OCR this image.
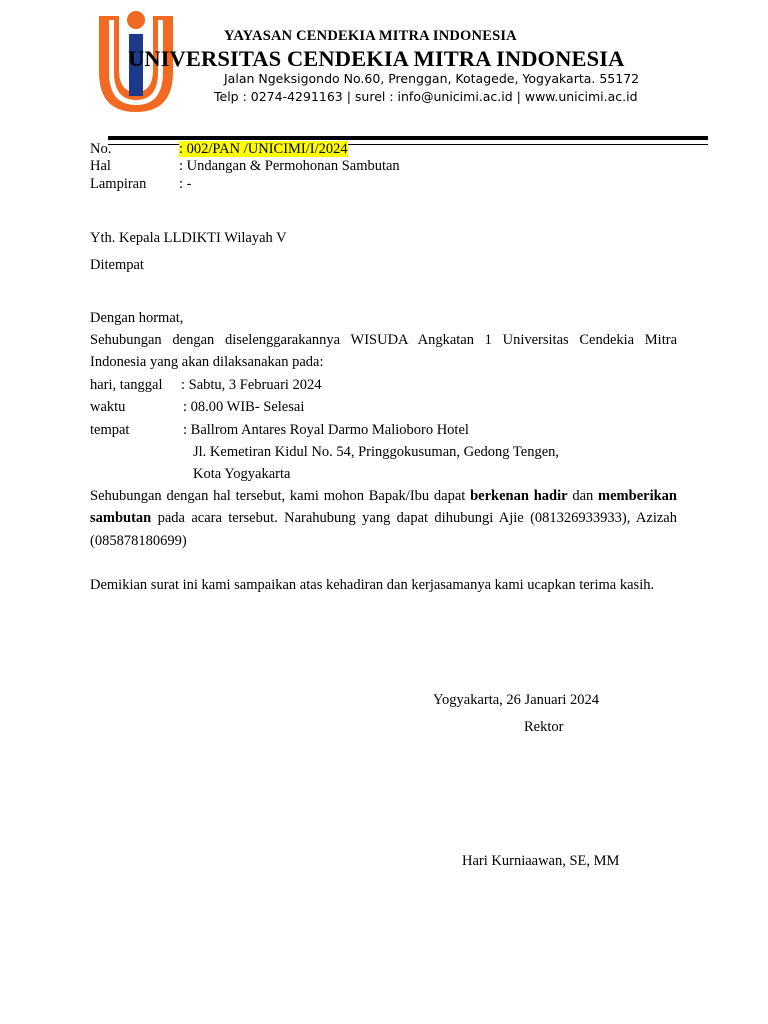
YAYASAN CENDEKIA MITRA INDONESIA
UNIVERSITAS CENDEKIA MITRA INDONESIA
Jalan Ngeksigondo No.60, Prenggan, Kotagede, Yogyakarta. 55172
Telp : 0274-4291163 | surel : info@unicimi.ac.id | www.unicimi.ac.id
No.	: 002/PAN /UNICIMI/I/2024
Hal	: Undangan & Permohonan Sambutan
Lampiran : -
Yth. Kepala LLDIKTI Wilayah V
Ditempat
Dengan hormat,
Sehubungan dengan diselenggarakannya WISUDA Angkatan 1 Universitas Cendekia Mitra Indonesia yang akan dilaksanakan pada:
hari, tanggal : Sabtu, 3 Februari 2024
waktu	: 08.00 WIB- Selesai
tempat	: Ballrom Antares Royal Darmo Malioboro Hotel
Jl. Kemetiran Kidul No. 54, Pringgokusuman, Gedong Tengen,
Kota Yogyakarta
Sehubungan dengan hal tersebut, kami mohon Bapak/Ibu dapat berkenan hadir dan memberikan sambutan pada acara tersebut. Narahubung yang dapat dihubungi Ajie (081326933933), Azizah (085878180699)
Demikian surat ini kami sampaikan atas kehadiran dan kerjasamanya kami ucapkan terima kasih.
Yogyakarta, 26 Januari 2024
Rektor
Hari Kurniaawan, SE, MM
